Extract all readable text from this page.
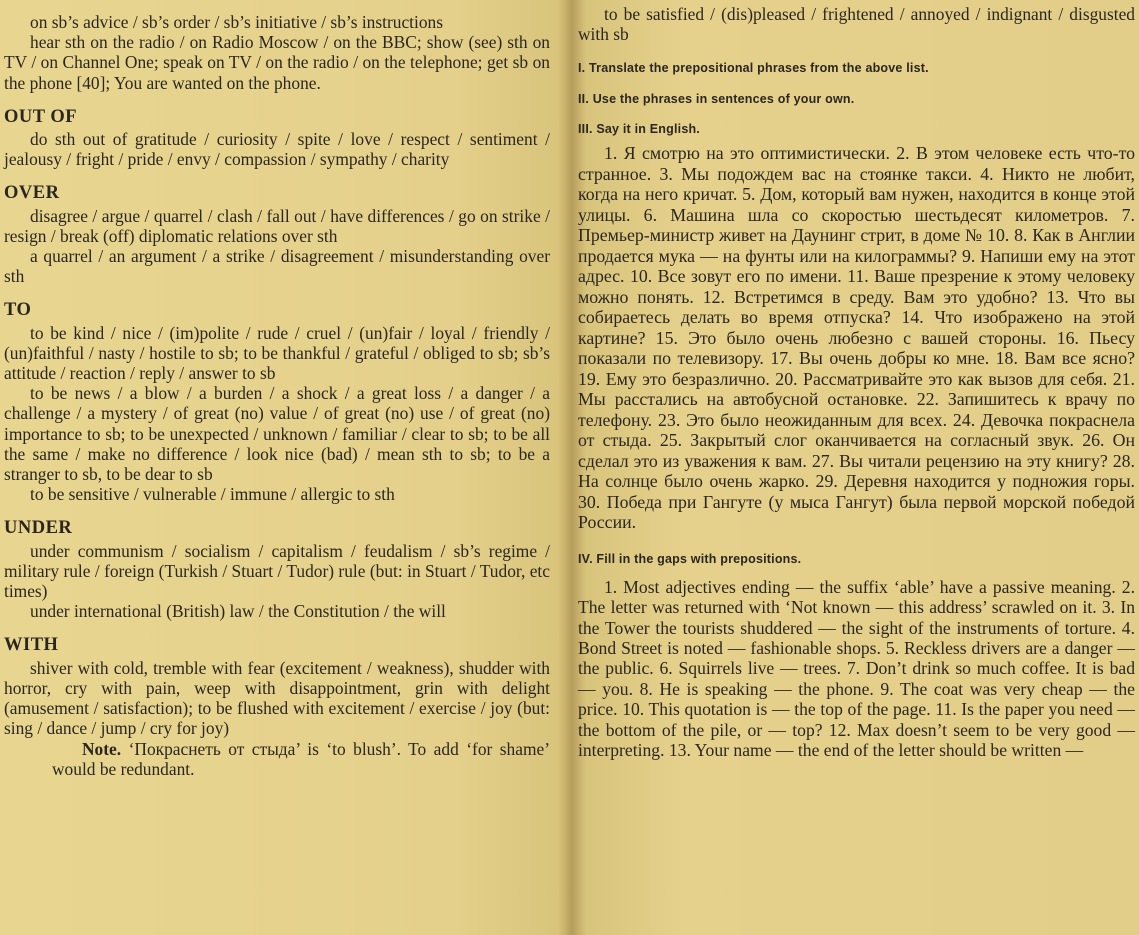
on sb’s advice / sb’s order / sb’s initiative / sb’s instructions

hear sth on the radio / on Radio Moscow / on the BBC; show (see) sth on TV / on Channel One; speak on TV / on the radio / on the telephone; get sb on the phone [40]; You are wanted on the phone.

OUT OF

do sth out of gratitude / curiosity / spite / love / respect / sentiment / jealousy / fright / pride / envy / compassion / sympathy / charity

OVER

disagree / argue / quarrel / clash / fall out / have differences / go on strike / resign / break (off) diplomatic relations over sth

a quarrel / an argument / a strike / disagreement / misunderstanding over sth

TO

to be kind / nice / (im)polite / rude / cruel / (un)fair / loyal / friendly / (un)faithful / nasty / hostile to sb; to be thankful / grateful / obliged to sb; sb’s attitude / reaction / reply / answer to sb

to be news / a blow / a burden / a shock / a great loss / a danger / a challenge / a mystery / of great (no) value / of great (no) use / of great (no) importance to sb; to be unexpected / unknown / familiar / clear to sb; to be all the same / make no difference / look nice (bad) / mean sth to sb; to be a stranger to sb, to be dear to sb

to be sensitive / vulnerable / immune / allergic to sth

UNDER

under communism / socialism / capitalism / feudalism / sb’s regime / military rule / foreign (Turkish / Stuart / Tudor) rule (but: in Stuart / Tudor, etc times)

under international (British) law / the Constitution / the will

WITH

shiver with cold, tremble with fear (excitement / weakness), shudder with horror, cry with pain, weep with disappointment, grin with delight (amusement / satisfaction); to be flushed with excitement / exercise / joy (but: sing / dance / jump / cry for joy)

Note. ‘Покраснеть от стыда’ is ‘to blush’. To add ‘for shame’ would be redundant.

to be satisfied / (dis)pleased / frightened / annoyed / indignant / disgusted with sb

I. Translate the prepositional phrases from the above list.
II. Use the phrases in sentences of your own.
III. Say it in English.

1. Я смотрю на это оптимистически. 2. В этом человеке есть что-то странное. 3. Мы подождем вас на стоянке такси. 4. Никто не любит, когда на него кричат. 5. Дом, который вам нужен, находится в конце этой улицы. 6. Машина шла со скоростью шестьдесят километров. 7. Премьер-министр живет на Даунинг стрит, в доме № 10. 8. Как в Англии продается мука — на фунты или на килограммы? 9. Напиши ему на этот адрес. 10. Все зовут его по имени. 11. Ваше презрение к этому человеку можно понять. 12. Встретимся в среду. Вам это удобно? 13. Что вы собираетесь делать во время отпуска? 14. Что изображено на этой картине? 15. Это было очень любезно с вашей стороны. 16. Пьесу показали по телевизору. 17. Вы очень добры ко мне. 18. Вам все ясно? 19. Ему это безразлично. 20. Рассматривайте это как вызов для себя. 21. Мы расстались на автобусной остановке. 22. Запишитесь к врачу по телефону. 23. Это было неожиданным для всех. 24. Девочка покраснела от стыда. 25. Закрытый слог оканчивается на согласный звук. 26. Он сделал это из уважения к вам. 27. Вы читали рецензию на эту книгу? 28. На солнце было очень жарко. 29. Деревня находится у подножия горы. 30. Победа при Гангуте (у мыса Гангут) была первой морской победой России.

IV. Fill in the gaps with prepositions.

1. Most adjectives ending — the suffix ‘able’ have a passive meaning. 2. The letter was returned with ‘Not known — this address’ scrawled on it. 3. In the Tower the tourists shuddered — the sight of the instruments of torture. 4. Bond Street is noted — fashionable shops. 5. Reckless drivers are a danger — the public. 6. Squirrels live — trees. 7. Don’t drink so much coffee. It is bad — you. 8. He is speaking — the phone. 9. The coat was very cheap — the price. 10. This quotation is — the top of the page. 11. Is the paper you need — the bottom of the pile, or — top? 12. Max doesn’t seem to be very good — interpreting. 13. Your name — the end of the letter should be written —
